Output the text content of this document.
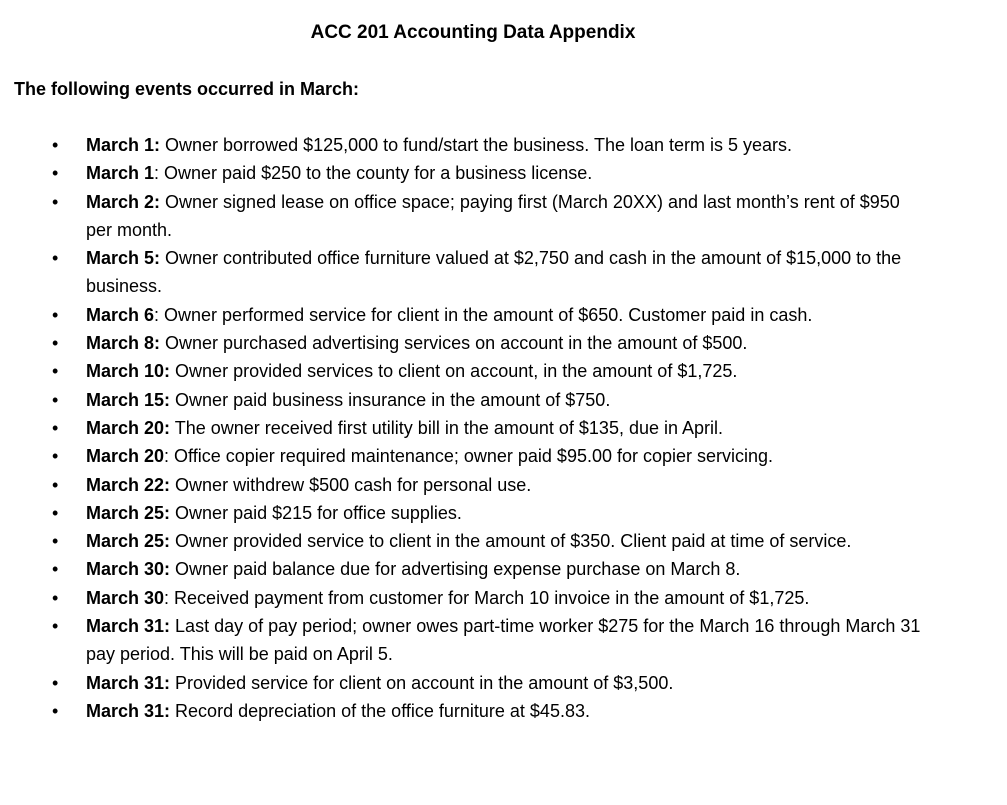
ACC 201 Accounting Data Appendix

The following events occurred in March:

• March 1: Owner borrowed $125,000 to fund/start the business. The loan term is 5 years.
• March 1: Owner paid $250 to the county for a business license.
• March 2: Owner signed lease on office space; paying first (March 20XX) and last month’s rent of $950 per month.
• March 5: Owner contributed office furniture valued at $2,750 and cash in the amount of $15,000 to the business.
• March 6: Owner performed service for client in the amount of $650. Customer paid in cash.
• March 8: Owner purchased advertising services on account in the amount of $500.
• March 10: Owner provided services to client on account, in the amount of $1,725.
• March 15: Owner paid business insurance in the amount of $750.
• March 20: The owner received first utility bill in the amount of $135, due in April.
• March 20: Office copier required maintenance; owner paid $95.00 for copier servicing.
• March 22: Owner withdrew $500 cash for personal use.
• March 25: Owner paid $215 for office supplies.
• March 25: Owner provided service to client in the amount of $350. Client paid at time of service.
• March 30: Owner paid balance due for advertising expense purchase on March 8.
• March 30: Received payment from customer for March 10 invoice in the amount of $1,725.
• March 31: Last day of pay period; owner owes part-time worker $275 for the March 16 through March 31 pay period. This will be paid on April 5.
• March 31: Provided service for client on account in the amount of $3,500.
• March 31: Record depreciation of the office furniture at $45.83.
